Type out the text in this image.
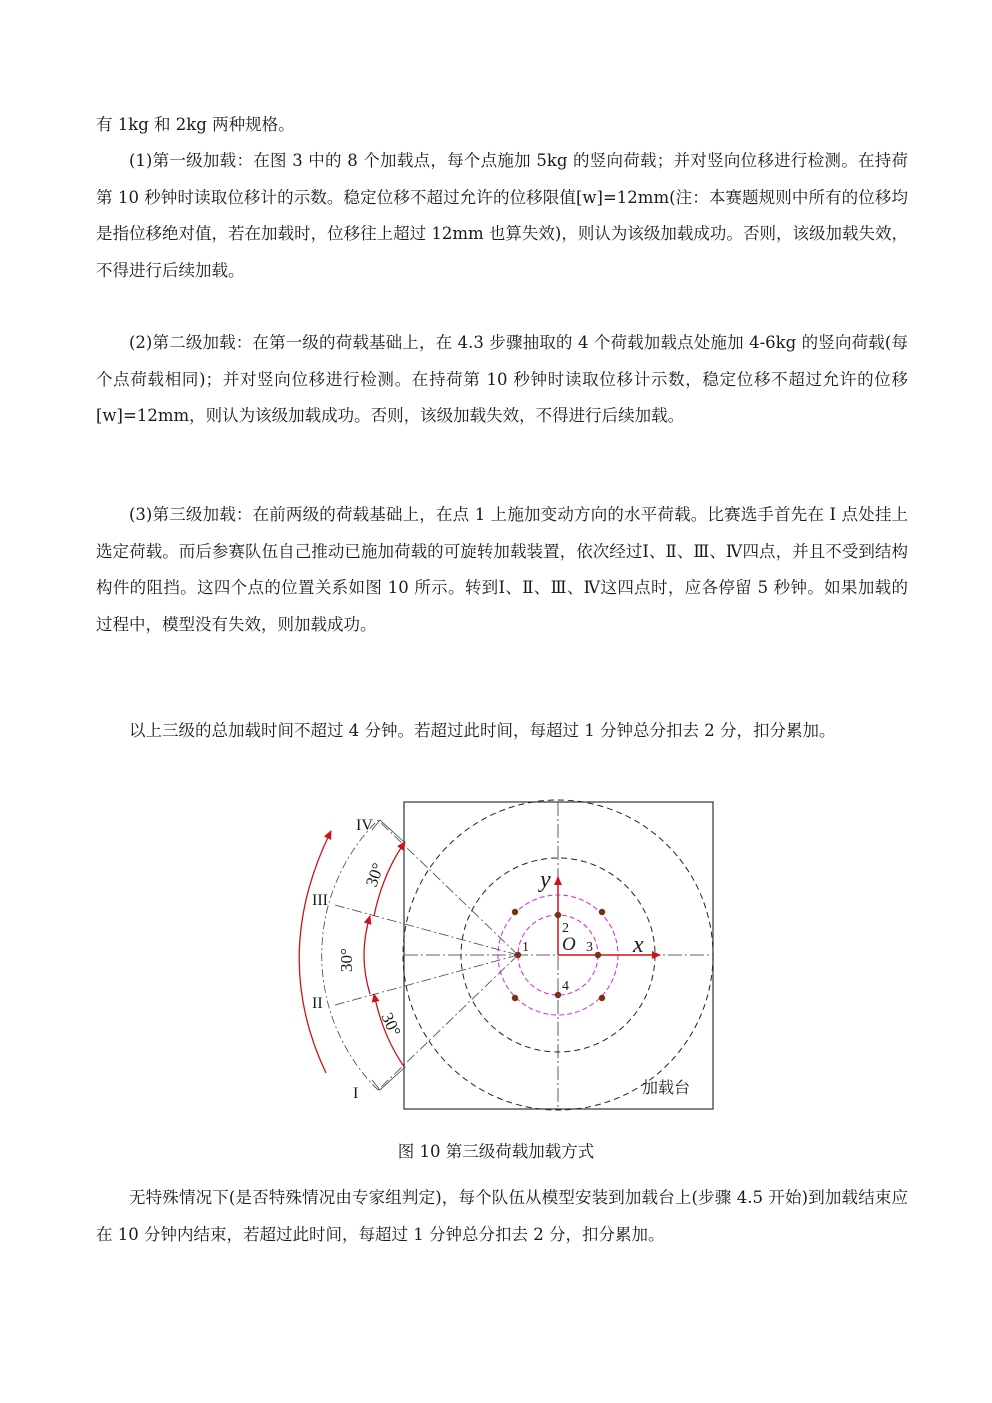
有 1kg 和 2kg 两种规格。

(1)第一级加载：在图 3 中的 8 个加载点，每个点施加 5kg 的竖向荷载；并对竖向位移进行检测。在持荷第 10 秒钟时读取位移计的示数。稳定位移不超过允许的位移限值[w]=12mm(注：本赛题规则中所有的位移均是指位移绝对值，若在加载时，位移往上超过 12mm 也算失效)，则认为该级加载成功。否则，该级加载失效，不得进行后续加载。

(2)第二级加载：在第一级的荷载基础上，在 4.3 步骤抽取的 4 个荷载加载点处施加 4-6kg 的竖向荷载(每个点荷载相同)；并对竖向位移进行检测。在持荷第 10 秒钟时读取位移计示数，稳定位移不超过允许的位移[w]=12mm，则认为该级加载成功。否则，该级加载失效，不得进行后续加载。

(3)第三级加载：在前两级的荷载基础上，在点 1 上施加变动方向的水平荷载。比赛选手首先在 I 点处挂上选定荷载。而后参赛队伍自己推动已施加荷载的可旋转加载装置，依次经过Ⅰ、Ⅱ、Ⅲ、Ⅳ四点，并且不受到结构构件的阻挡。这四个点的位置关系如图 10 所示。转到Ⅰ、Ⅱ、Ⅲ、Ⅳ这四点时，应各停留 5 秒钟。如果加载的过程中，模型没有失效，则加载成功。

以上三级的总加载时间不超过 4 分钟。若超过此时间，每超过 1 分钟总分扣去 2 分，扣分累加。

IV
III
II
I
30°
30°
30°
y
x
O
1
2
3
4
加载台
图 10 第三级荷载加载方式

无特殊情况下(是否特殊情况由专家组判定)，每个队伍从模型安装到加载台上(步骤 4.5 开始)到加载结束应在 10 分钟内结束，若超过此时间，每超过 1 分钟总分扣去 2 分，扣分累加。
